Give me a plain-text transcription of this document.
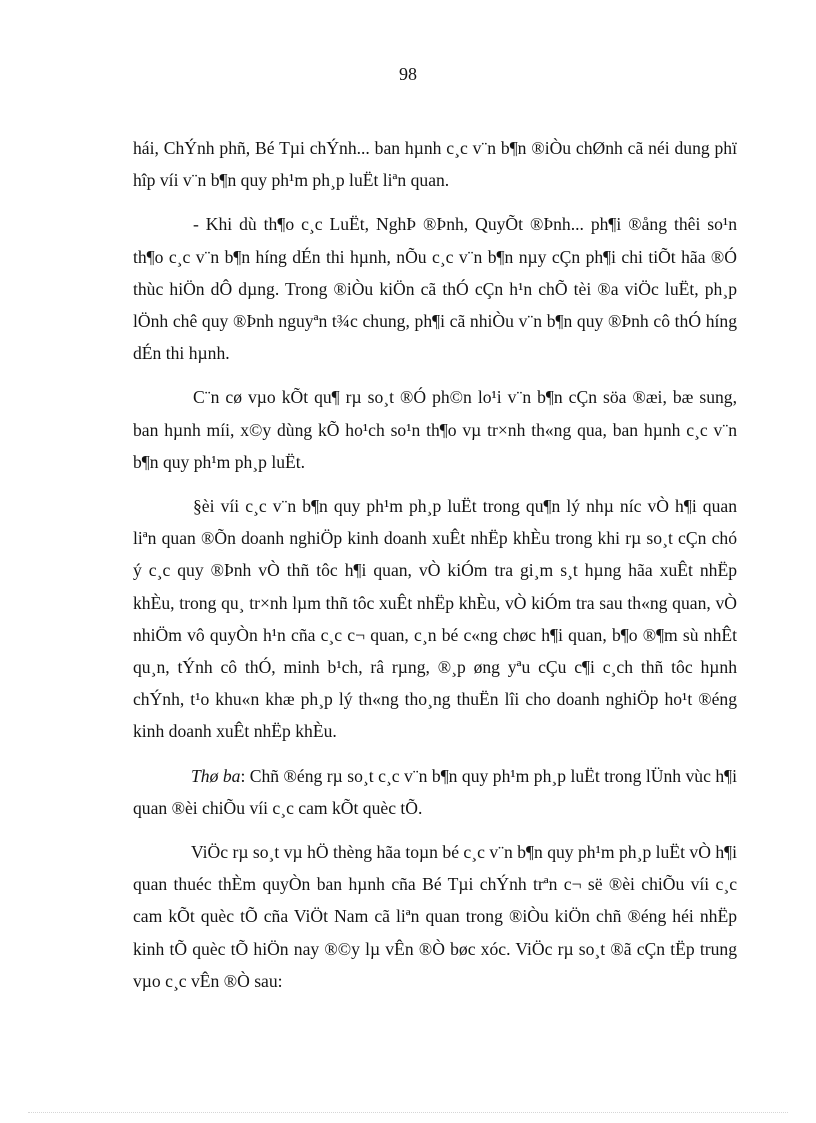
98

hái, ChÝnh phñ, Bé Tµi chÝnh... ban hµnh c¸c v¨n b¶n ®iÒu chØnh cã néi dung phï hîp víi v¨n b¶n quy ph¹m ph¸p luËt liªn quan.

- Khi dù th¶o c¸c LuËt, NghÞ ®Þnh, QuyÕt ®Þnh... ph¶i ®ång thêi so¹n th¶o c¸c v¨n b¶n híng dÉn thi hµnh, nÕu c¸c v¨n b¶n nµy cÇn ph¶i chi tiÕt hãa ®Ó thùc hiÖn dÔ dµng. Trong ®iÒu kiÖn cã thÓ cÇn h¹n chÕ tèi ®a viÖc luËt, ph¸p lÖnh chê quy ®Þnh nguyªn t¾c chung, ph¶i cã nhiÒu v¨n b¶n quy ®Þnh cô thÓ híng dÉn thi hµnh.

C¨n cø vµo kÕt qu¶ rµ so¸t ®Ó ph©n lo¹i v¨n b¶n cÇn söa ®æi, bæ sung, ban hµnh míi, x©y dùng kÕ ho¹ch so¹n th¶o vµ tr×nh th«ng qua, ban hµnh c¸c v¨n b¶n quy ph¹m ph¸p luËt.

§èi víi c¸c v¨n b¶n quy ph¹m ph¸p luËt trong qu¶n lý nhµ níc vÒ h¶i quan liªn quan ®Õn doanh nghiÖp kinh doanh xuÊt nhËp khÈu trong khi rµ so¸t cÇn chó ý c¸c quy ®Þnh vÒ thñ tôc h¶i quan, vÒ kiÓm tra gi¸m s¸t hµng hãa xuÊt nhËp khÈu, trong qu¸ tr×nh lµm thñ tôc xuÊt nhËp khÈu, vÒ kiÓm tra sau th«ng quan, vÒ nhiÖm vô quyÒn h¹n cña c¸c c¬ quan, c¸n bé c«ng chøc h¶i quan, b¶o ®¶m sù nhÊt qu¸n, tÝnh cô thÓ, minh b¹ch, râ rµng, ®¸p øng yªu cÇu c¶i c¸ch thñ tôc hµnh chÝnh, t¹o khu«n khæ ph¸p lý th«ng tho¸ng thuËn lîi cho doanh nghiÖp ho¹t ®éng kinh doanh xuÊt nhËp khÈu.

Thø ba: Chñ ®éng rµ so¸t c¸c v¨n b¶n quy ph¹m ph¸p luËt trong lÜnh vùc h¶i quan ®èi chiÕu víi c¸c cam kÕt quèc tÕ.

ViÖc rµ so¸t vµ hÖ thèng hãa toµn bé c¸c v¨n b¶n quy ph¹m ph¸p luËt vÒ h¶i quan thuéc thÈm quyÒn ban hµnh cña Bé Tµi chÝnh trªn c¬ së ®èi chiÕu víi c¸c cam kÕt quèc tÕ cña ViÖt Nam cã liªn quan trong ®iÒu kiÖn chñ ®éng héi nhËp kinh tÕ quèc tÕ hiÖn nay ®©y lµ vÊn ®Ò bøc xóc. ViÖc rµ so¸t ®ã cÇn tËp trung vµo c¸c vÊn ®Ò sau:
